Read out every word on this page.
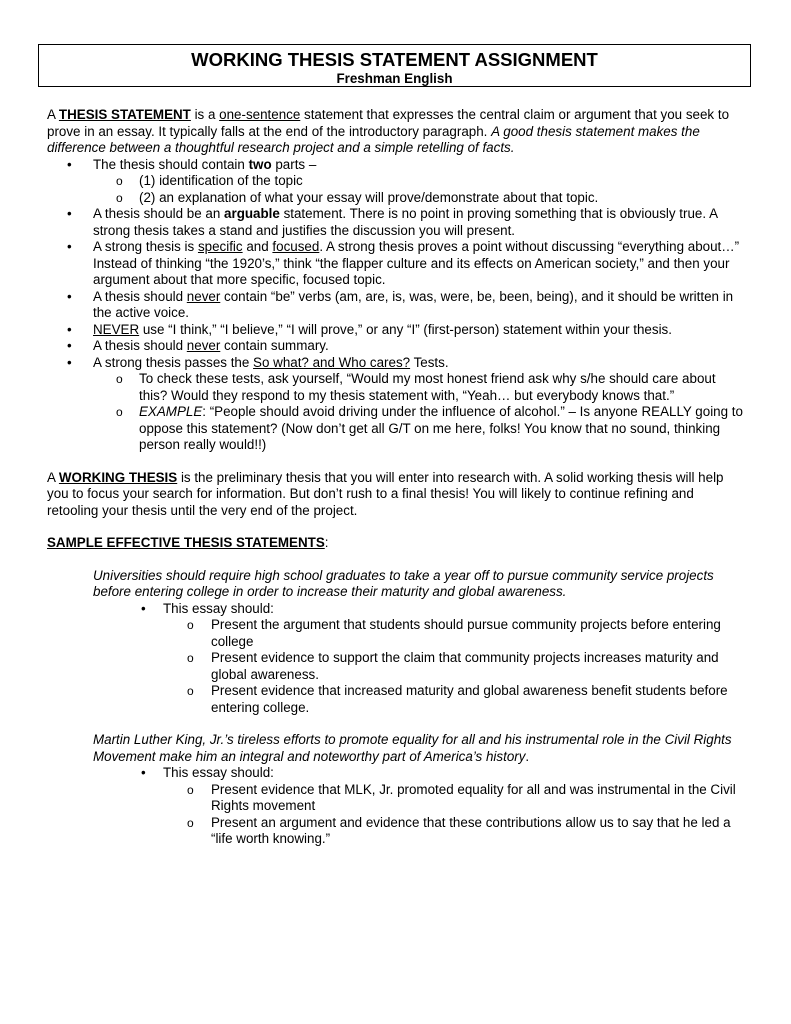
WORKING THESIS STATEMENT ASSIGNMENT
Freshman English

A THESIS STATEMENT is a one-sentence statement that expresses the central claim or argument that you seek to prove in an essay. It typically falls at the end of the introductory paragraph. A good thesis statement makes the difference between a thoughtful research project and a simple retelling of facts.

• The thesis should contain two parts –
o (1) identification of the topic
o (2) an explanation of what your essay will prove/demonstrate about that topic.
• A thesis should be an arguable statement. There is no point in proving something that is obviously true. A strong thesis takes a stand and justifies the discussion you will present.
• A strong thesis is specific and focused. A strong thesis proves a point without discussing “everything about…” Instead of thinking “the 1920’s,” think “the flapper culture and its effects on American society,” and then your argument about that more specific, focused topic.
• A thesis should never contain “be” verbs (am, are, is, was, were, be, been, being), and it should be written in the active voice.
• NEVER use “I think,” “I believe,” “I will prove,” or any “I” (first-person) statement within your thesis.
• A thesis should never contain summary.
• A strong thesis passes the So what? and Who cares? Tests.
o To check these tests, ask yourself, “Would my most honest friend ask why s/he should care about this? Would they respond to my thesis statement with, “Yeah… but everybody knows that.”
o EXAMPLE: “People should avoid driving under the influence of alcohol.” – Is anyone REALLY going to oppose this statement? (Now don’t get all G/T on me here, folks! You know that no sound, thinking person really would!!)

A WORKING THESIS is the preliminary thesis that you will enter into research with. A solid working thesis will help you to focus your search for information. But don’t rush to a final thesis! You will likely to continue refining and retooling your thesis until the very end of the project.

SAMPLE EFFECTIVE THESIS STATEMENTS:

Universities should require high school graduates to take a year off to pursue community service projects before entering college in order to increase their maturity and global awareness.

• This essay should:
o Present the argument that students should pursue community projects before entering college
o Present evidence to support the claim that community projects increases maturity and global awareness.
o Present evidence that increased maturity and global awareness benefit students before entering college.

Martin Luther King, Jr.’s tireless efforts to promote equality for all and his instrumental role in the Civil Rights Movement make him an integral and noteworthy part of America’s history.

• This essay should:
o Present evidence that MLK, Jr. promoted equality for all and was instrumental in the Civil Rights movement
o Present an argument and evidence that these contributions allow us to say that he led a “life worth knowing.”
